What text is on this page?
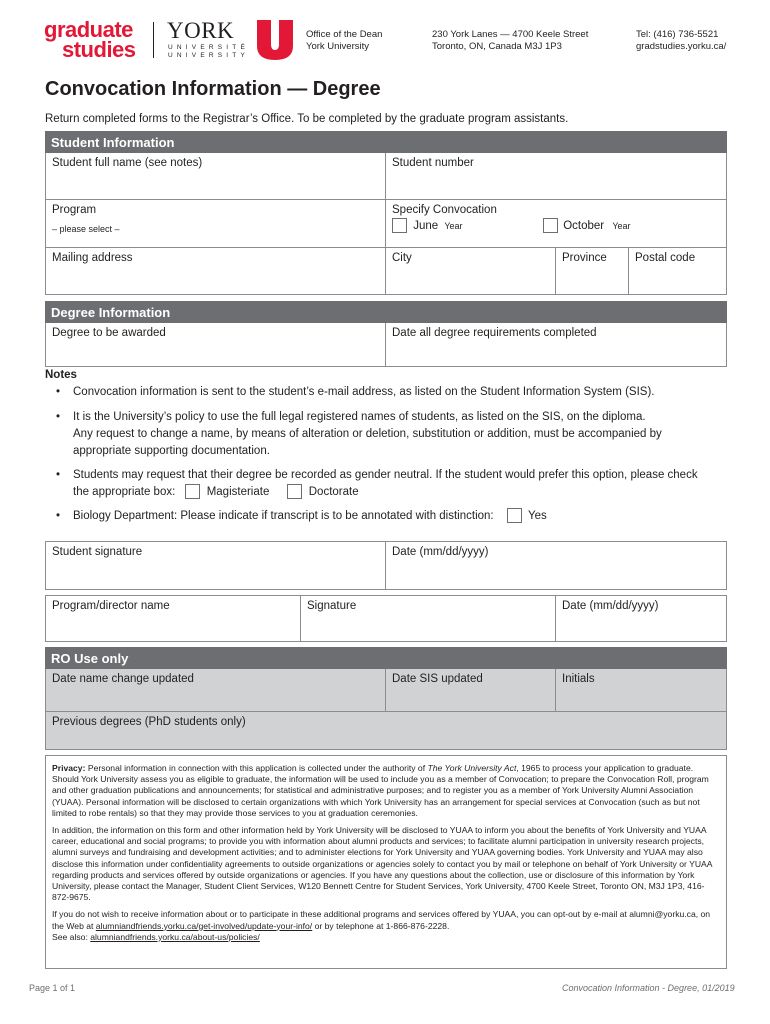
graduate
studies
YORK
UNIVERSITÉ
UNIVERSITY
Office of the Dean
York University
230 York Lanes — 4700 Keele Street
Toronto, ON, Canada M3J 1P3
Tel: (416) 736-5521
gradstudies.yorku.ca/
Convocation Information — Degree
Return completed forms to the Registrar’s Office. To be completed by the graduate program assistants.
Student Information
Student full name (see notes)	Student number
Program
– please select –
Specify Convocation
June Year	October Year
Mailing address	City	Province	Postal code
Degree Information
Degree to be awarded	Date all degree requirements completed
Notes
• Convocation information is sent to the student’s e-mail address, as listed on the Student Information System (SIS).
• It is the University’s policy to use the full legal registered names of students, as listed on the SIS, on the diploma.
Any request to change a name, by means of alteration or deletion, substitution or addition, must be accompanied by
appropriate supporting documentation.
• Students may request that their degree be recorded as gender neutral. If the student would prefer this option, please check
the appropriate box:	Magisteriate	Doctorate
• Biology Department: Please indicate if transcript is to be annotated with distinction:	Yes
Student signature	Date (mm/dd/yyyy)
Program/director name	Signature	Date (mm/dd/yyyy)
RO Use only
Date name change updated	Date SIS updated	Initials
Previous degrees (PhD students only)

Privacy: Personal information in connection with this application is collected under the authority of The York University Act, 1965 to process your application to graduate. Should York University assess you as eligible to graduate, the information will be used to include you as a member of Convocation; to prepare the Convocation Roll, program and other graduation publications and announcements; for statistical and administrative purposes; and to register you as a member of York University Alumni Association (YUAA). Personal information will be disclosed to certain organizations with which York University has an arrangement for special services at Convocation (such as but not limited to robe rentals) so that they may provide those services to you at graduation ceremonies.

In addition, the information on this form and other information held by York University will be disclosed to YUAA to inform you about the benefits of York University and YUAA career, educational and social programs; to provide you with information about alumni products and services; to facilitate alumni participation in university research projects, alumni surveys and fundraising and development activities; and to administer elections for York University and YUAA governing bodies. York University and YUAA may also disclose this information under confidentiality agreements to outside organizations or agencies solely to contact you by mail or telephone on behalf of York University or YUAA regarding products and services offered by outside organizations or agencies. If you have any questions about the collection, use or disclosure of this information by York University, please contact the Manager, Student Client Services, W120 Bennett Centre for Student Services, York University, 4700 Keele Street, Toronto ON, M3J 1P3, 416-872-9675.

If you do not wish to receive information about or to participate in these additional programs and services offered by YUAA, you can opt-out by e-mail at alumni@yorku.ca, on the Web at alumniandfriends.yorku.ca/get-involved/update-your-info/ or by telephone at 1-866-876-2228.
See also: alumniandfriends.yorku.ca/about-us/policies/

Page 1 of 1	Convocation Information - Degree, 01/2019
